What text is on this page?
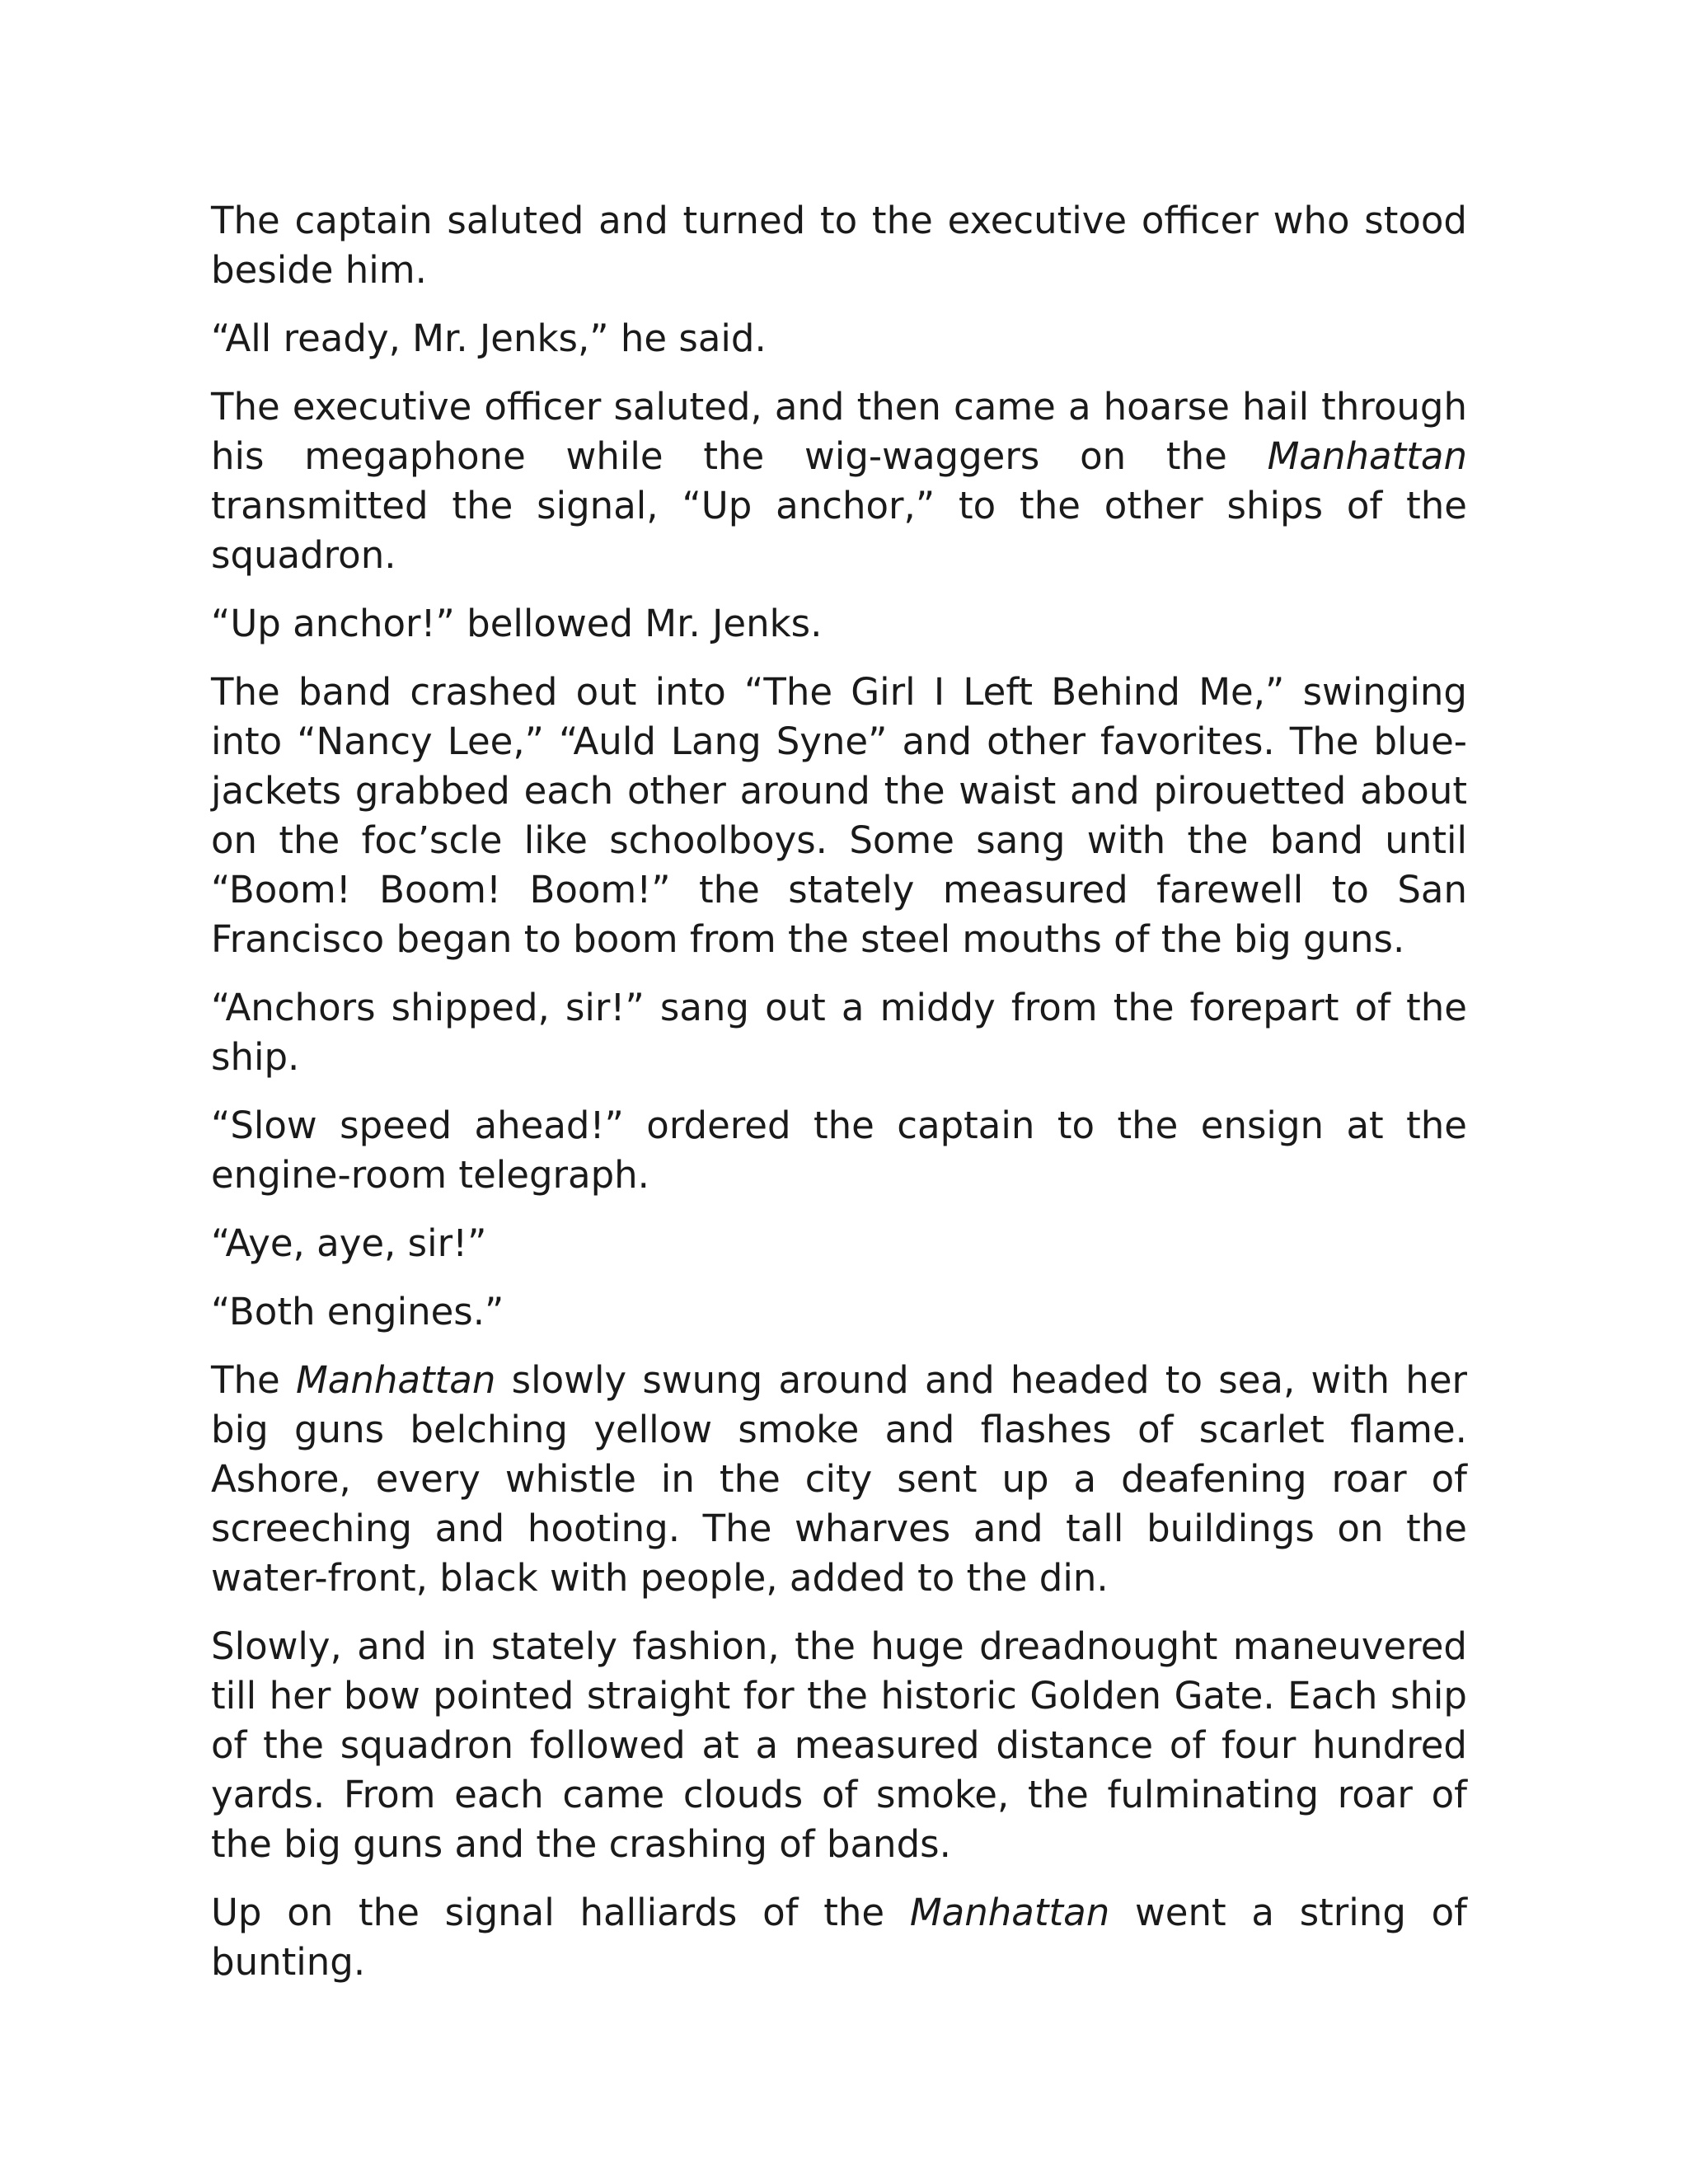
The captain saluted and turned to the executive officer who stood beside him.

“All ready, Mr. Jenks,” he said.

The executive officer saluted, and then came a hoarse hail through his megaphone while the wig-waggers on the Manhattan transmitted the signal, “Up anchor,” to the other ships of the squadron.

“Up anchor!” bellowed Mr. Jenks.

The band crashed out into “The Girl I Left Behind Me,” swinging into “Nancy Lee,” “Auld Lang Syne” and other favorites. The blue-jackets grabbed each other around the waist and pirouetted about on the foc’scle like schoolboys. Some sang with the band until “Boom! Boom! Boom!” the stately measured farewell to San Francisco began to boom from the steel mouths of the big guns.

“Anchors shipped, sir!” sang out a middy from the forepart of the ship.

“Slow speed ahead!” ordered the captain to the ensign at the engine-room telegraph.

“Aye, aye, sir!”

“Both engines.”

The Manhattan slowly swung around and headed to sea, with her big guns belching yellow smoke and flashes of scarlet flame. Ashore, every whistle in the city sent up a deafening roar of screeching and hooting. The wharves and tall buildings on the water-front, black with people, added to the din.

Slowly, and in stately fashion, the huge dreadnought maneuvered till her bow pointed straight for the historic Golden Gate. Each ship of the squadron followed at a measured distance of four hundred yards. From each came clouds of smoke, the fulminating roar of the big guns and the crashing of bands.

Up on the signal halliards of the Manhattan went a string of bunting.
